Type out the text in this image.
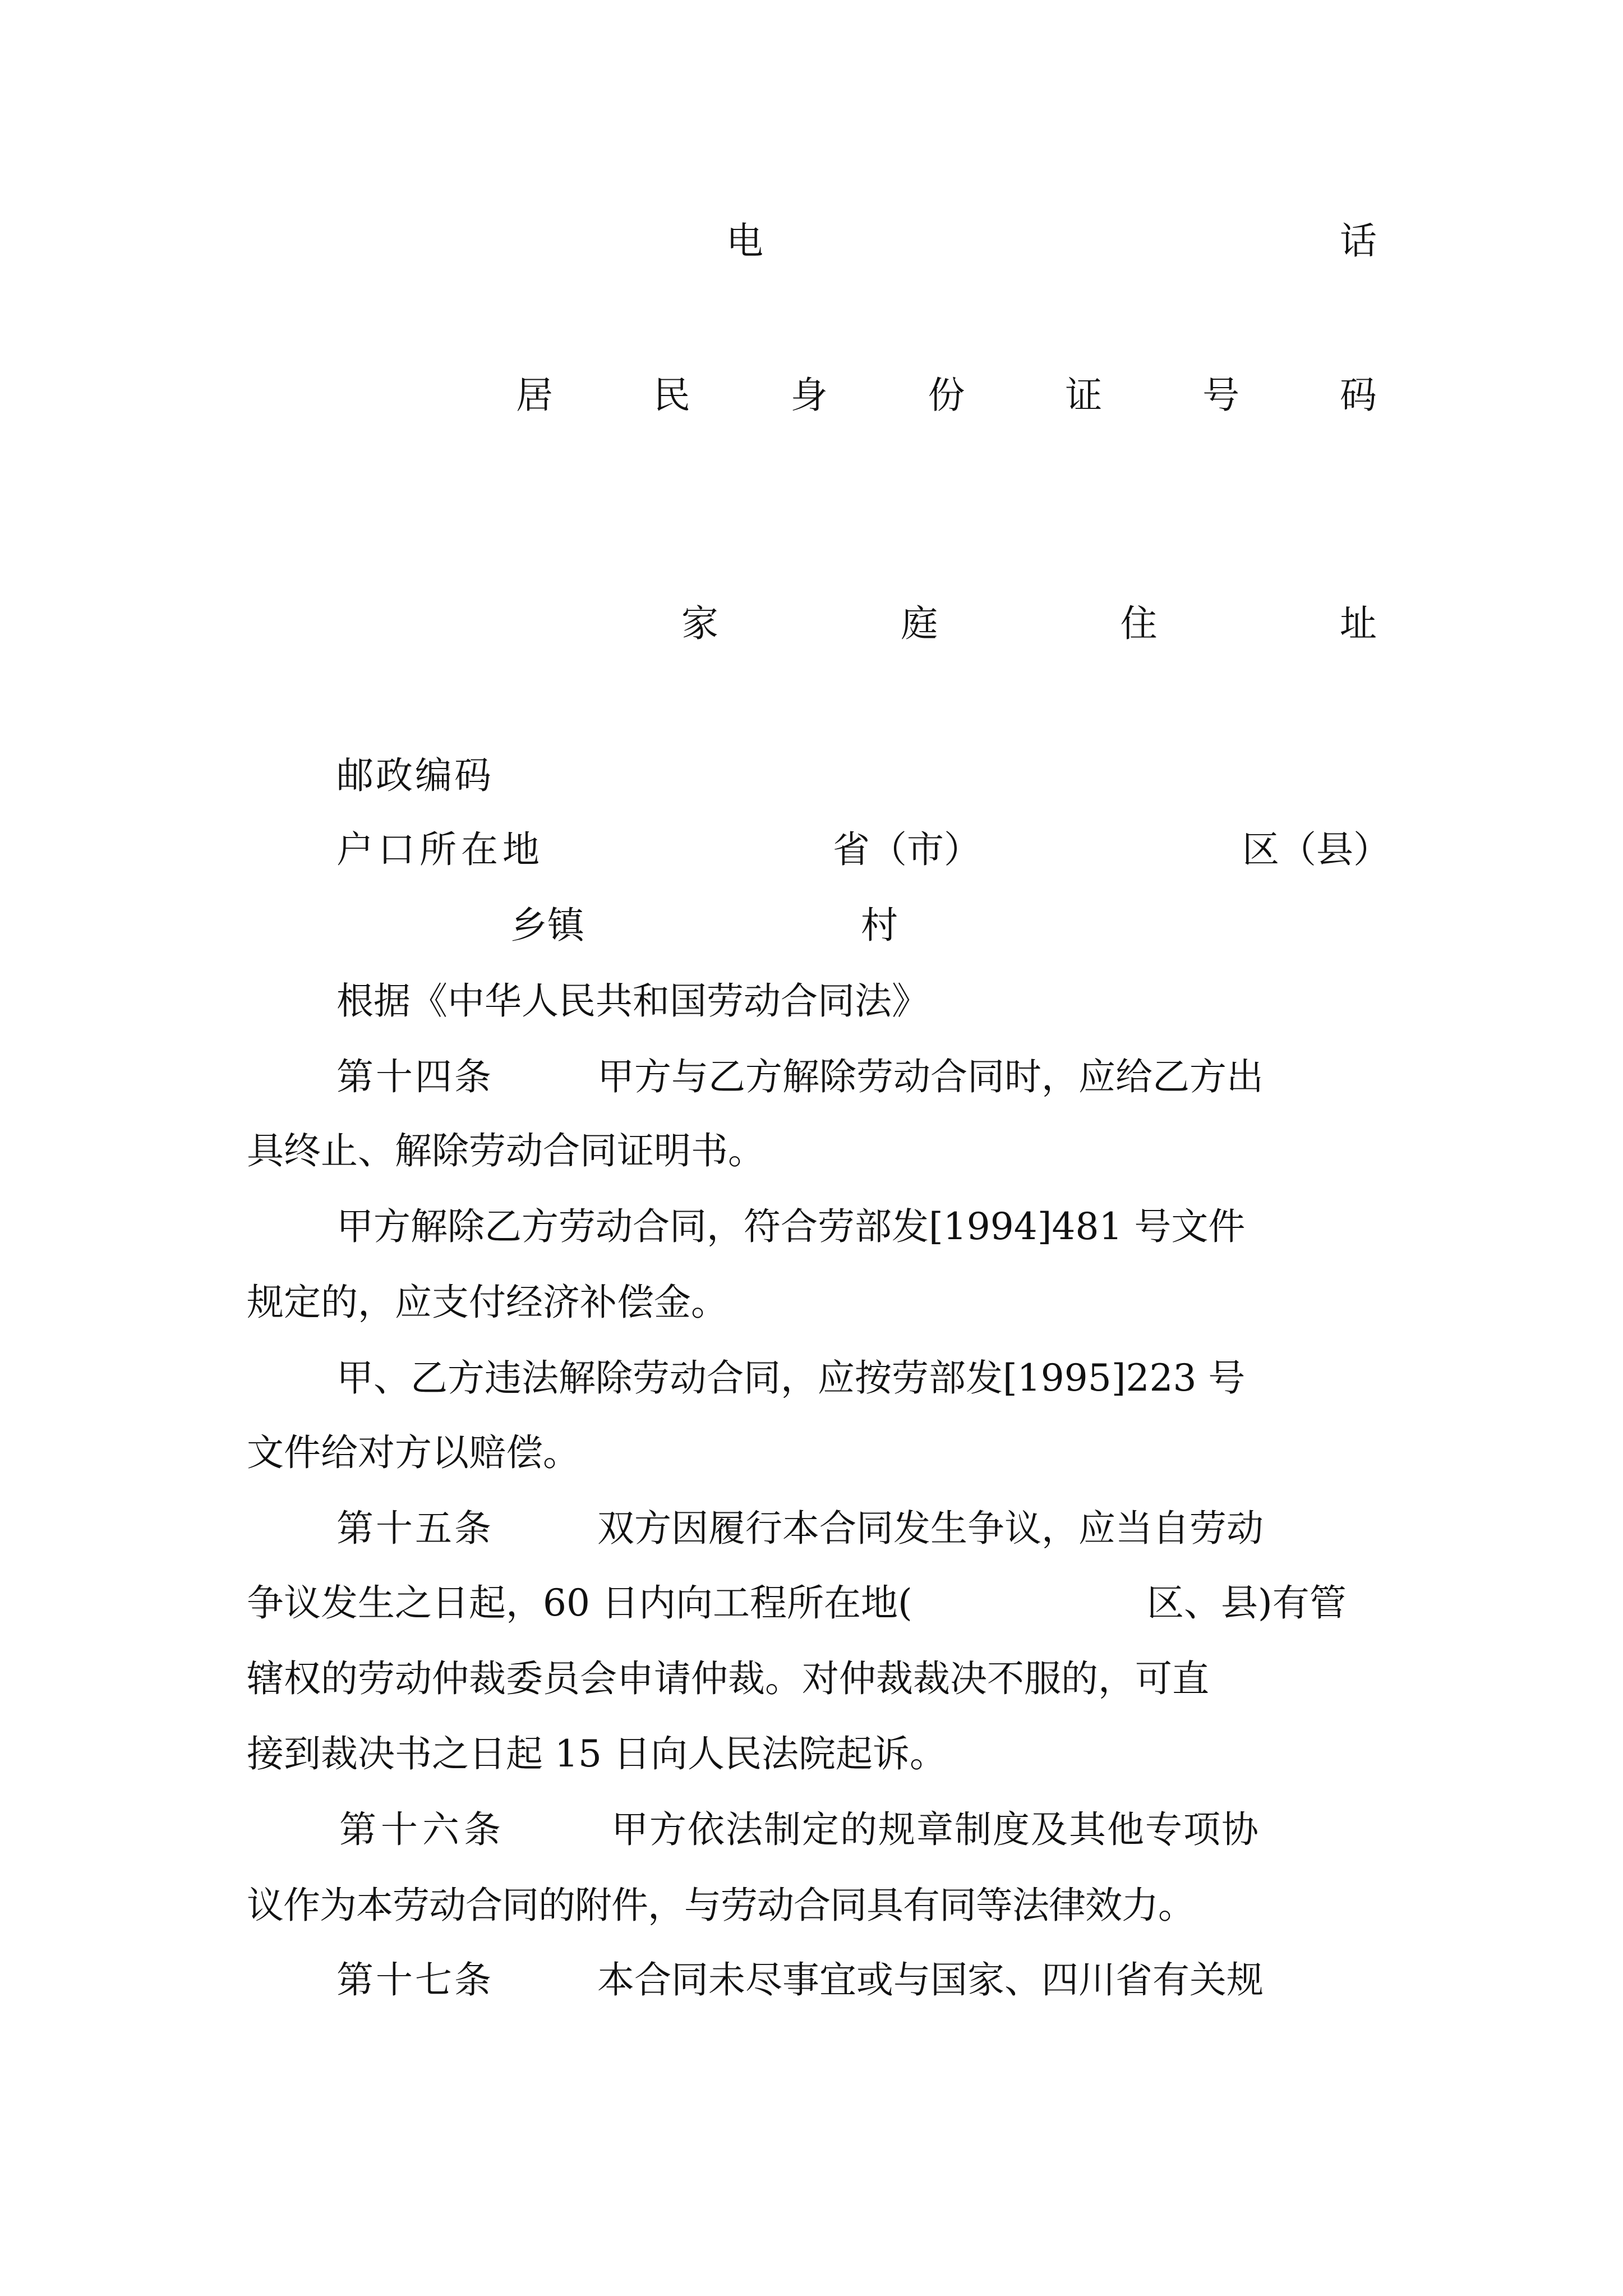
电	话
居	民	身	份	证	号	码
家	庭	住	址
邮政编码
户口所在地	省（市）	区（县）
乡镇	村
根据《中华人民共和国劳动合同法》
第十四条	甲方与乙方解除劳动合同时，应给乙方出
具终止、解除劳动合同证明书。
甲方解除乙方劳动合同，符合劳部发[1994]481 号文件
规定的，应支付经济补偿金。
甲、乙方违法解除劳动合同，应按劳部发[1995]223 号
文件给对方以赔偿。
第十五条	双方因履行本合同发生争议，应当自劳动
争议发生之日起，60 日内向工程所在地(	区、县)有管
辖权的劳动仲裁委员会申请仲裁。对仲裁裁决不服的，可直
接到裁决书之日起 15 日向人民法院起诉。
第十六条	甲方依法制定的规章制度及其他专项协
议作为本劳动合同的附件，与劳动合同具有同等法律效力。
第十七条	本合同未尽事宜或与国家、四川省有关规
